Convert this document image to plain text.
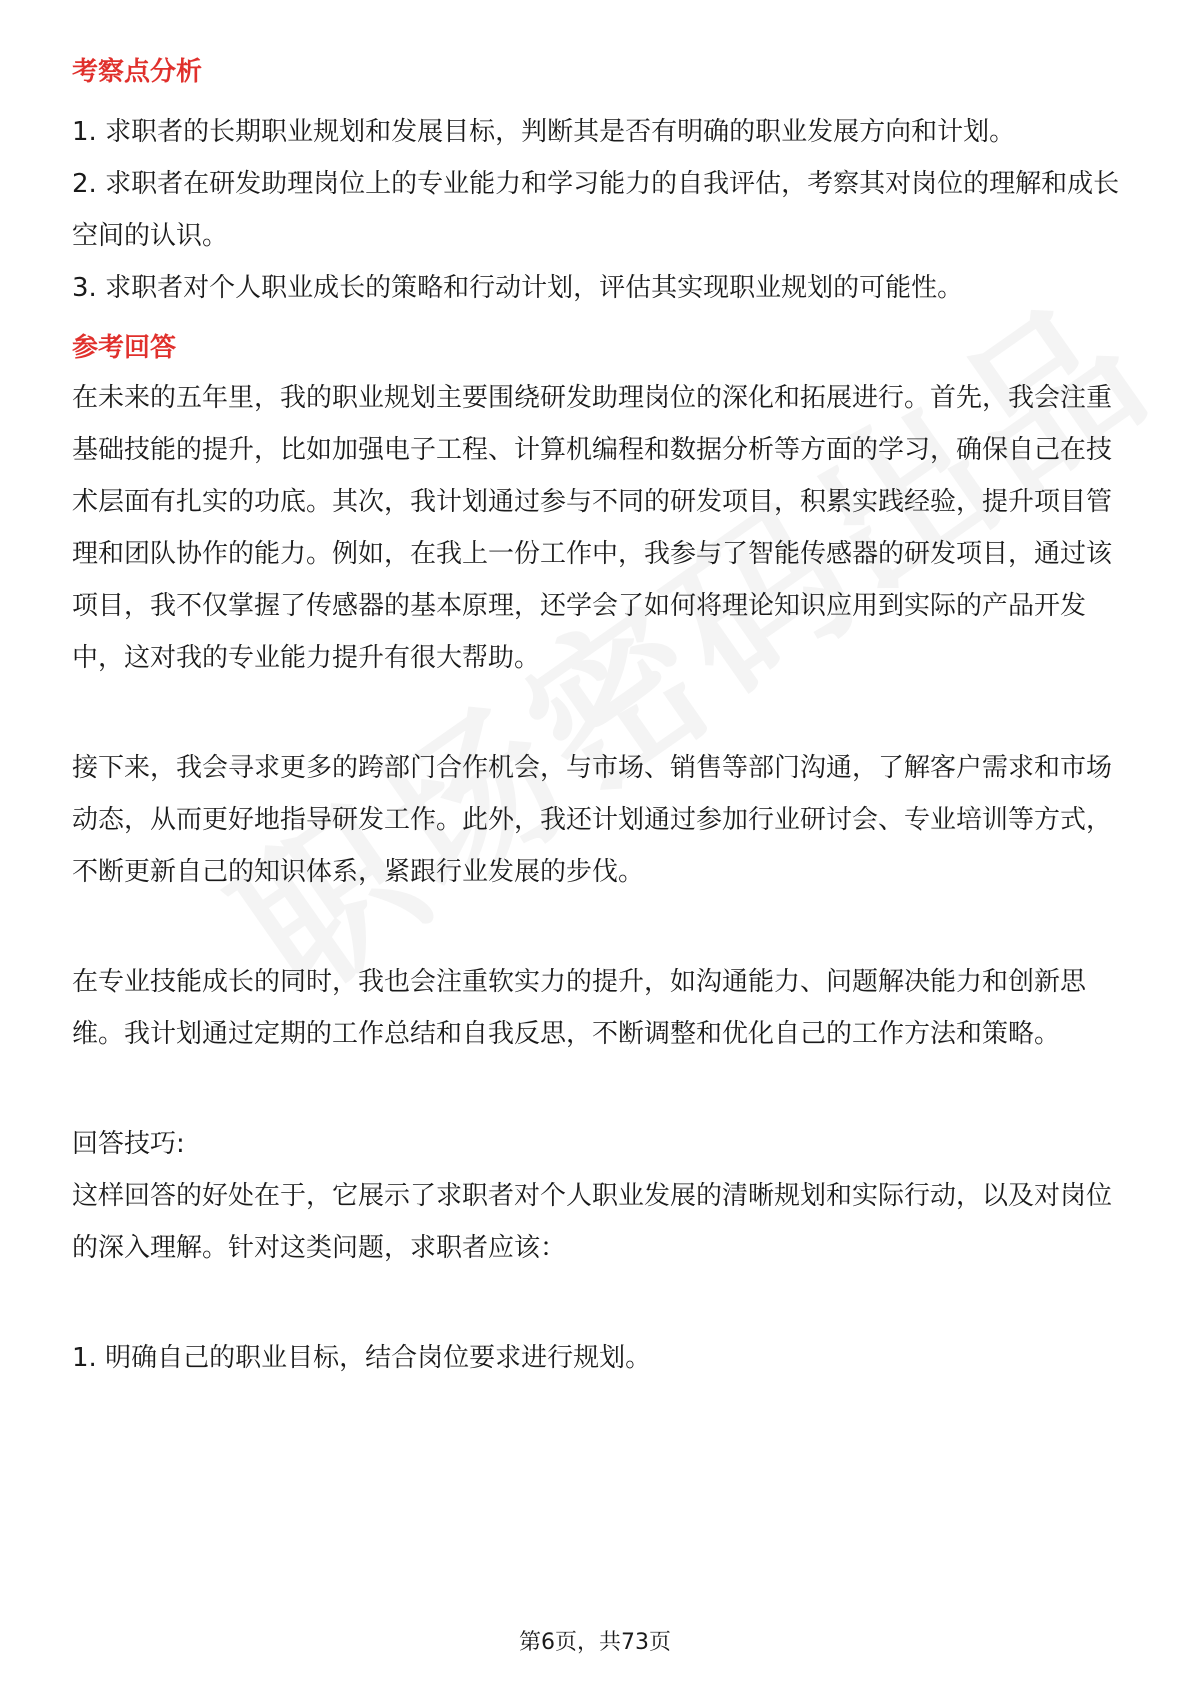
考察点分析

1. 求职者的长期职业规划和发展目标，判断其是否有明确的职业发展方向和计划。

2. 求职者在研发助理岗位上的专业能力和学习能力的自我评估，考察其对岗位的理解和成长空间的认识。

3. 求职者对个人职业成长的策略和行动计划，评估其实现职业规划的可能性。

参考回答

在未来的五年里，我的职业规划主要围绕研发助理岗位的深化和拓展进行。首先，我会注重基础技能的提升，比如加强电子工程、计算机编程和数据分析等方面的学习，确保自己在技术层面有扎实的功底。其次，我计划通过参与不同的研发项目，积累实践经验，提升项目管理和团队协作的能力。例如，在我上一份工作中，我参与了智能传感器的研发项目，通过该项目，我不仅掌握了传感器的基本原理，还学会了如何将理论知识应用到实际的产品开发中，这对我的专业能力提升有很大帮助。

接下来，我会寻求更多的跨部门合作机会，与市场、销售等部门沟通，了解客户需求和市场动态，从而更好地指导研发工作。此外，我还计划通过参加行业研讨会、专业培训等方式，不断更新自己的知识体系，紧跟行业发展的步伐。

在专业技能成长的同时，我也会注重软实力的提升，如沟通能力、问题解决能力和创新思维。我计划通过定期的工作总结和自我反思，不断调整和优化自己的工作方法和策略。

回答技巧:

这样回答的好处在于，它展示了求职者对个人职业发展的清晰规划和实际行动，以及对岗位的深入理解。针对这类问题，求职者应该：

1. 明确自己的职业目标，结合岗位要求进行规划。

第6页，共73页
